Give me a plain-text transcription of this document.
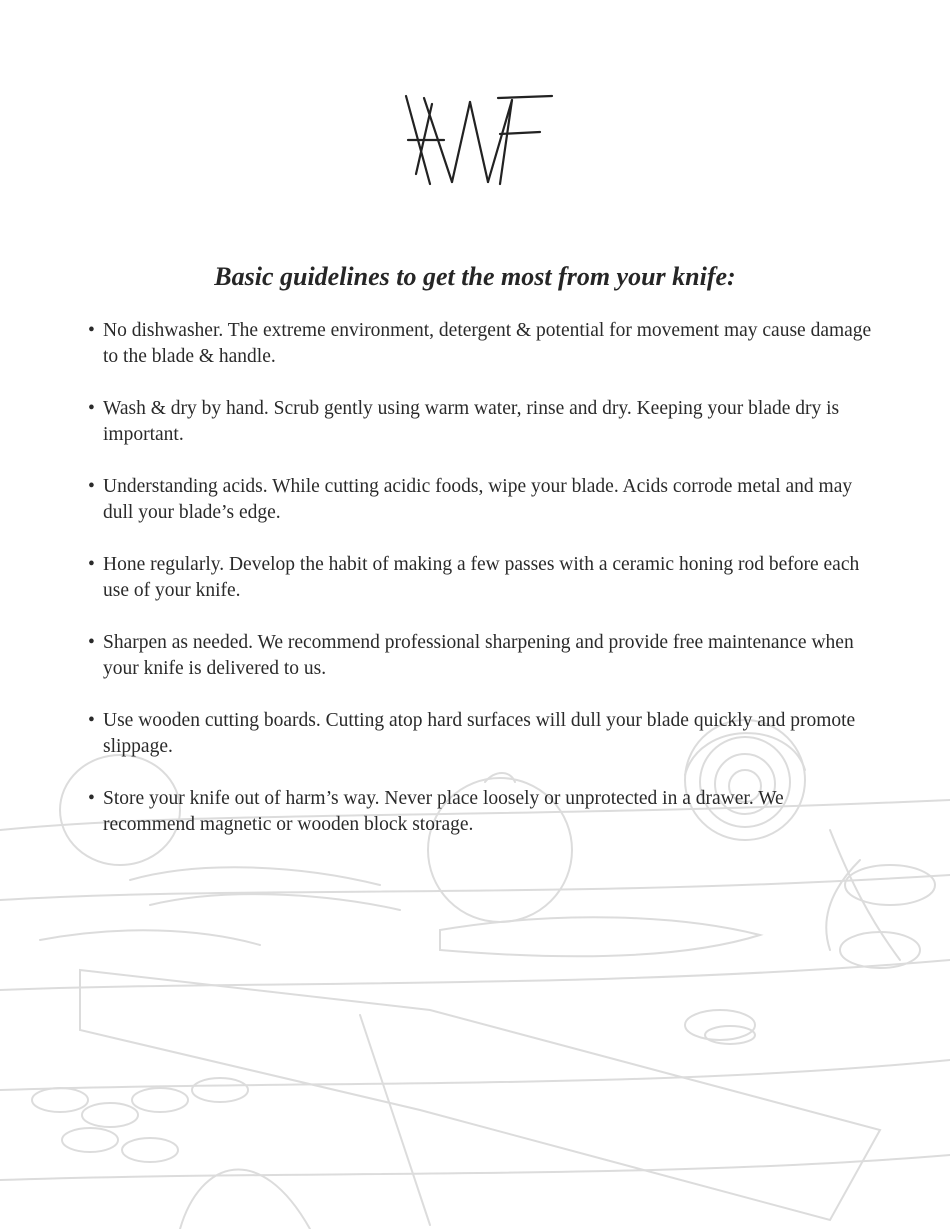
Basic guidelines to get the most from your knife:
• No dishwasher. The extreme environment, detergent & potential for movement may cause damage to the blade & handle.
• Wash & dry by hand. Scrub gently using warm water, rinse and dry. Keeping your blade dry is important.
• Understanding acids. While cutting acidic foods, wipe your blade. Acids corrode metal and may dull your blade’s edge.
• Hone regularly. Develop the habit of making a few passes with a ceramic honing rod before each use of your knife.
• Sharpen as needed. We recommend professional sharpening and provide free maintenance when your knife is delivered to us.
• Use wooden cutting boards. Cutting atop hard surfaces will dull your blade quickly and promote slippage.
• Store your knife out of harm’s way. Never place loosely or unprotected in a drawer. We recommend magnetic or wooden block storage.
